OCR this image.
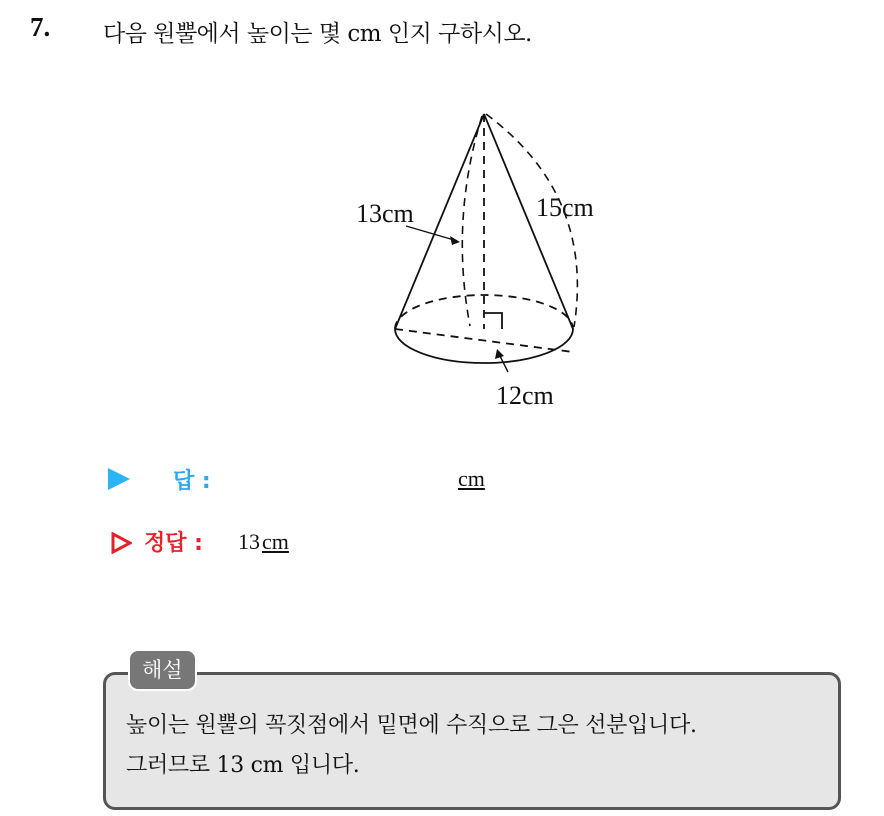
7. 다음 원뿔에서 높이는 몇 cm 인지 구하시오.
13cm	15cm
12cm
답 :	cm
정답 : 13cm
해설
높이는 원뿔의 꼭짓점에서 밑면에 수직으로 그은 선분입니다.
그러므로 13 cm 입니다.
